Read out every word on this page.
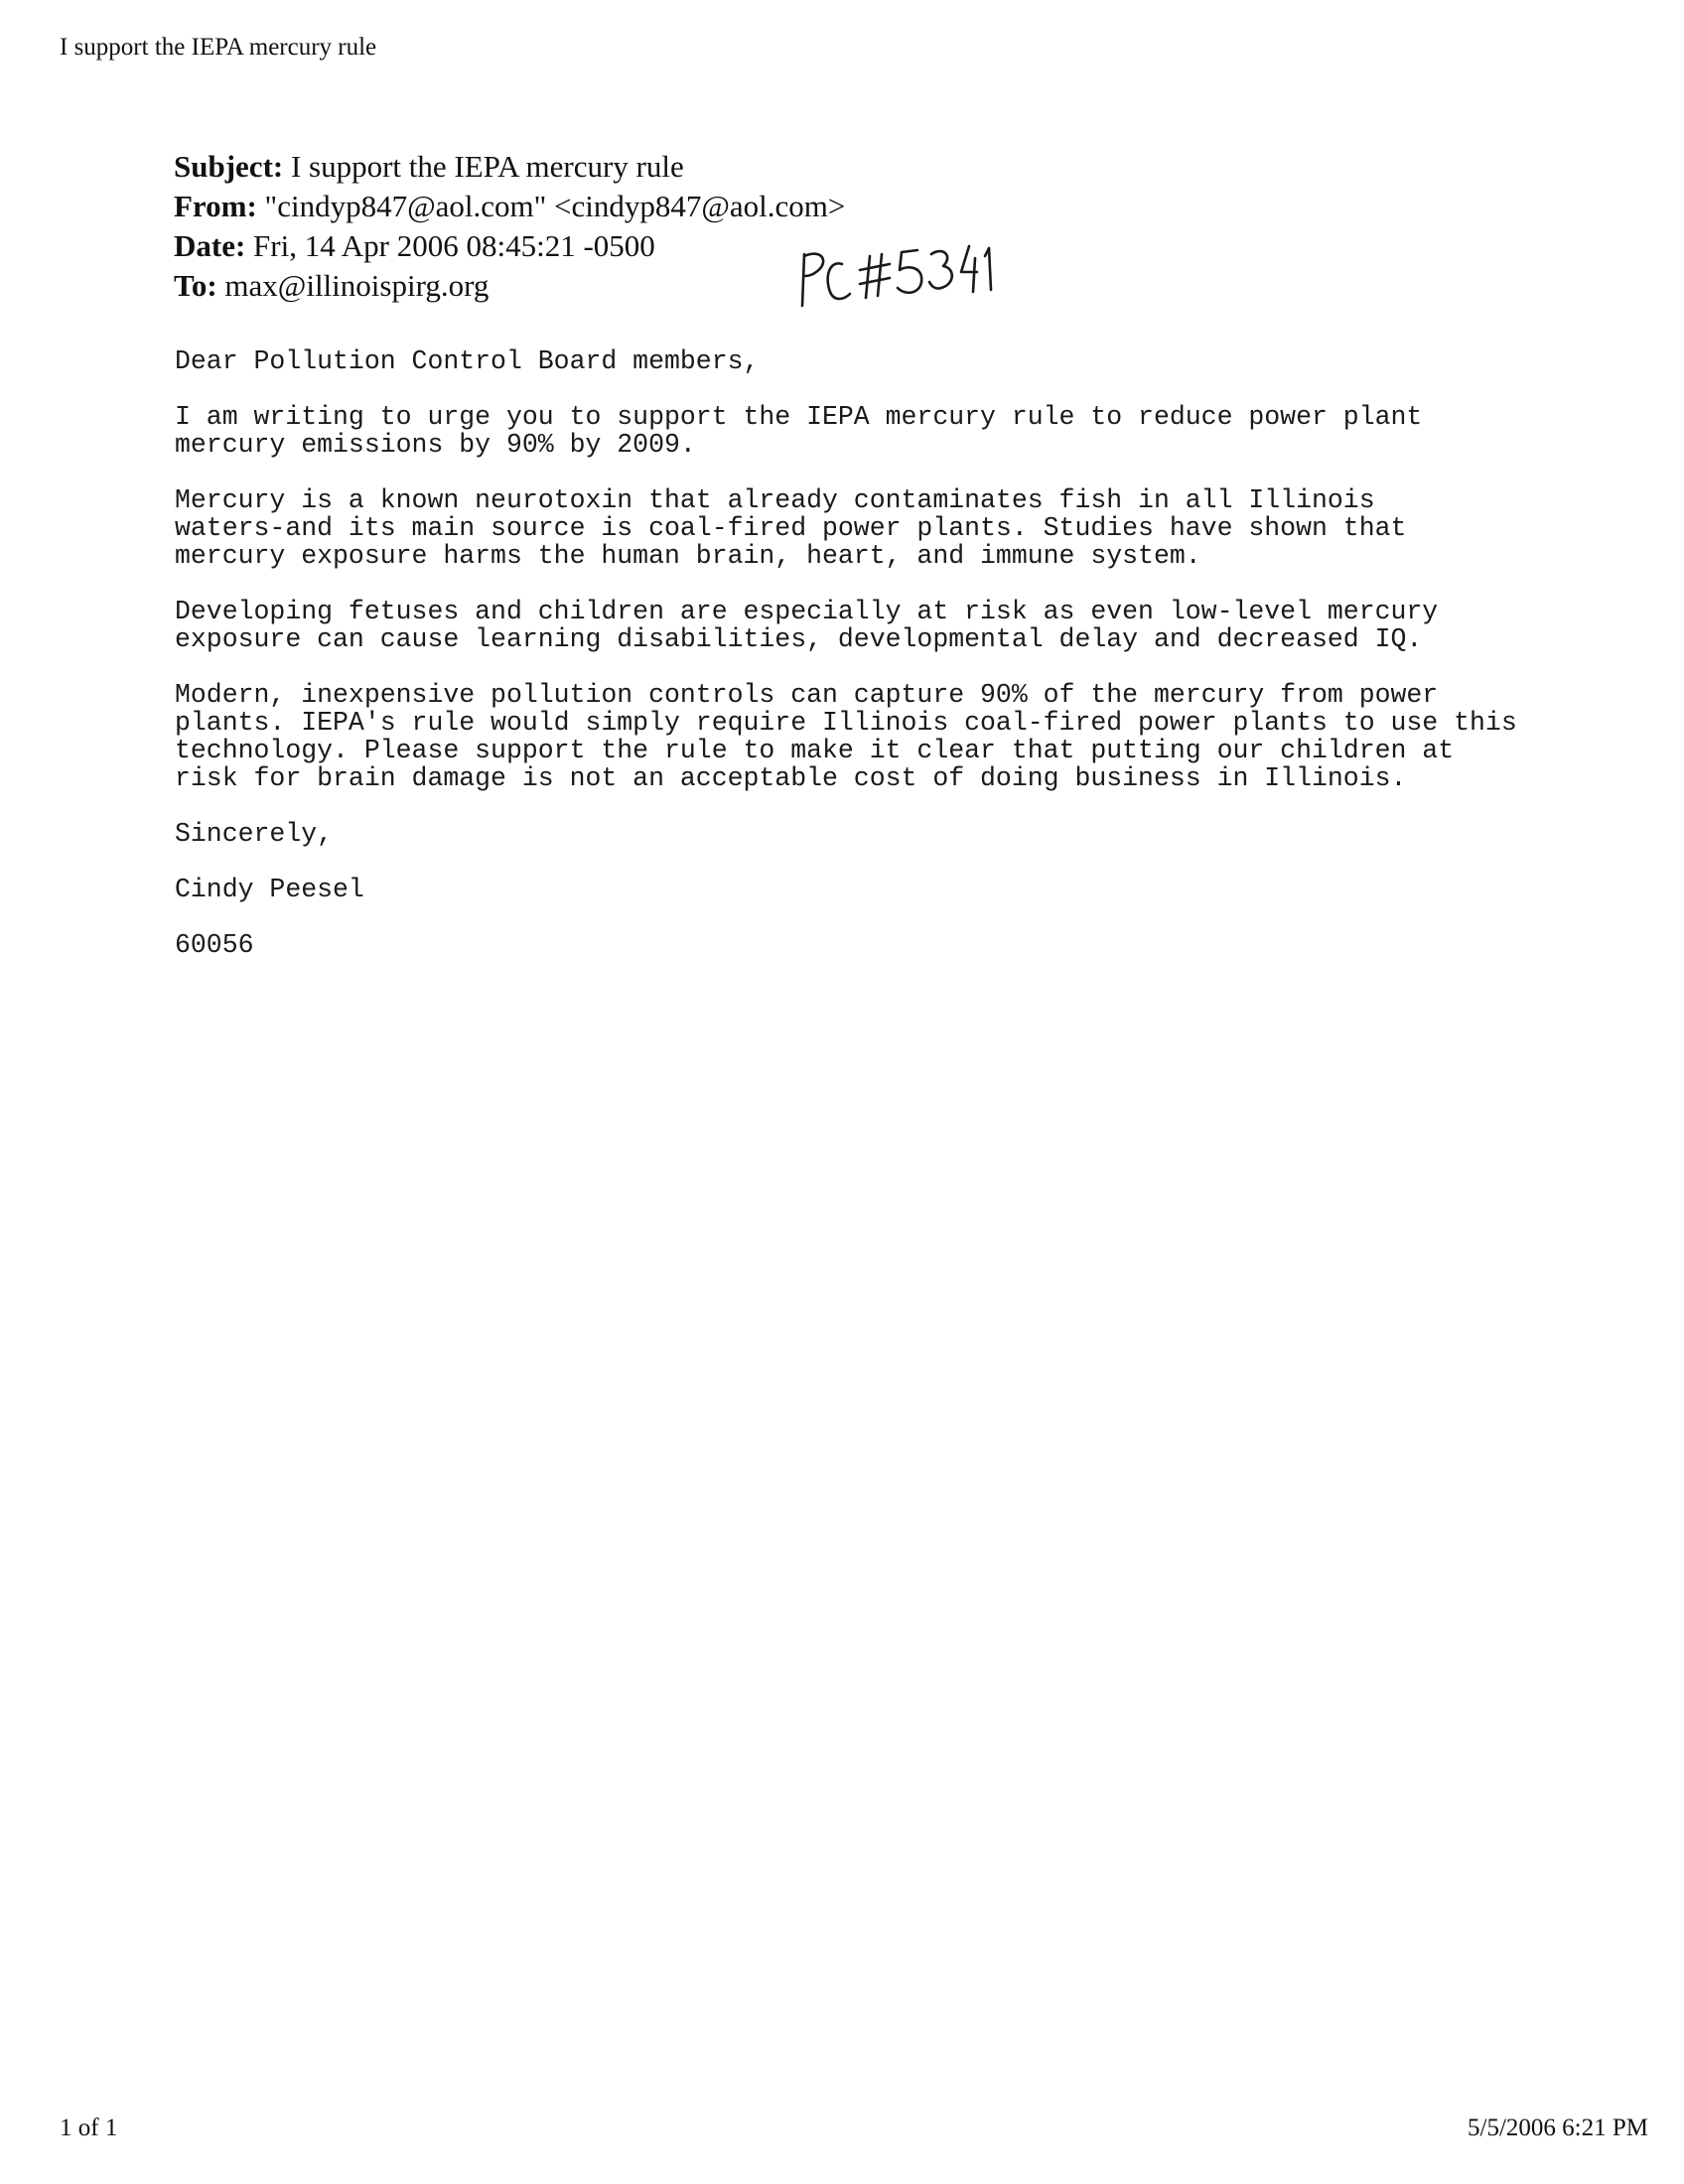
I support the IEPA mercury rule
Subject: I support the IEPA mercury rule
From: "cindyp847@aol.com" <cindyp847@aol.com>
Date: Fri, 14 Apr 2006 08:45:21 -0500
To: max@illinoispirg.org
Dear Pollution Control Board members,
I am writing to urge you to support the IEPA mercury rule to reduce power plant
mercury emissions by 90% by 2009.
Mercury is a known neurotoxin that already contaminates fish in all Illinois
waters-and its main source is coal-fired power plants. Studies have shown that
mercury exposure harms the human brain, heart, and immune system.
Developing fetuses and children are especially at risk as even low-level mercury
exposure can cause learning disabilities, developmental delay and decreased IQ.
Modern, inexpensive pollution controls can capture 90% of the mercury from power
plants. IEPA's rule would simply require Illinois coal-fired power plants to use this
technology. Please support the rule to make it clear that putting our children at
risk for brain damage is not an acceptable cost of doing business in Illinois.
Sincerely,
Cindy Peesel
60056
1 of 1	5/5/2006 6:21 PM
